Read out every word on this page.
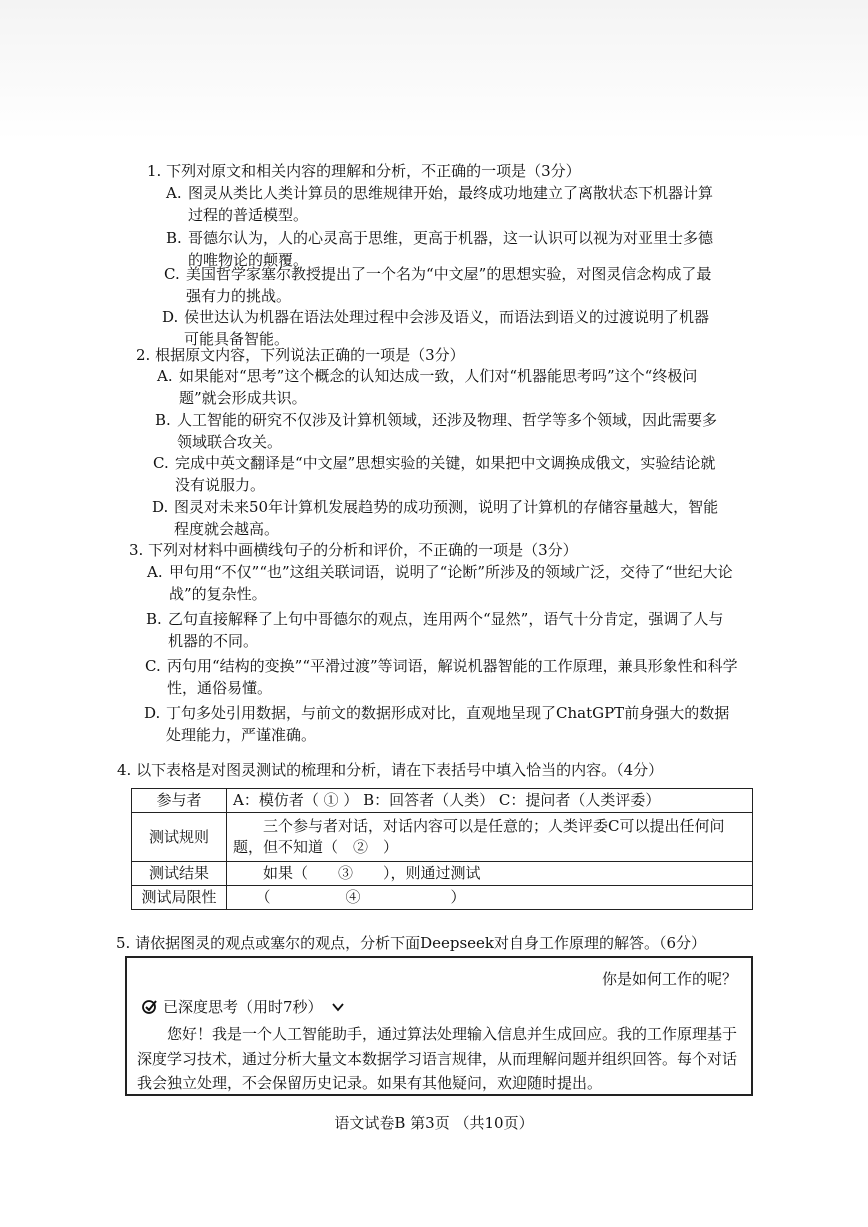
1. 下列对原文和相关内容的理解和分析，不正确的一项是（3分）
A. 图灵从类比人类计算员的思维规律开始，最终成功地建立了离散状态下机器计算过程的普适模型。
B. 哥德尔认为，人的心灵高于思维，更高于机器，这一认识可以视为对亚里士多德的唯物论的颠覆。
C. 美国哲学家塞尔教授提出了一个名为“中文屋”的思想实验，对图灵信念构成了最强有力的挑战。
D. 侯世达认为机器在语法处理过程中会涉及语义，而语法到语义的过渡说明了机器可能具备智能。
2. 根据原文内容，下列说法正确的一项是（3分）
A. 如果能对“思考”这个概念的认知达成一致，人们对“机器能思考吗”这个“终极问题”就会形成共识。
B. 人工智能的研究不仅涉及计算机领域，还涉及物理、哲学等多个领域，因此需要多领域联合攻关。
C. 完成中英文翻译是“中文屋”思想实验的关键，如果把中文调换成俄文，实验结论就没有说服力。
D. 图灵对未来50年计算机发展趋势的成功预测，说明了计算机的存储容量越大，智能程度就会越高。
3. 下列对材料中画横线句子的分析和评价，不正确的一项是（3分）
A. 甲句用“不仅”“也”这组关联词语，说明了“论断”所涉及的领域广泛，交待了“世纪大论战”的复杂性。
B. 乙句直接解释了上句中哥德尔的观点，连用两个“显然”，语气十分肯定，强调了人与机器的不同。
C. 丙句用“结构的变换”“平滑过渡”等词语，解说机器智能的工作原理，兼具形象性和科学性，通俗易懂。
D. 丁句多处引用数据，与前文的数据形成对比，直观地呈现了ChatGPT前身强大的数据处理能力，严谨准确。
4. 以下表格是对图灵测试的梳理和分析，请在下表括号中填入恰当的内容。（4分）
参与者	A：模仿者（ ① ） B：回答者（人类） C：提问者（人类评委）
测试规则	　　三个参与者对话，对话内容可以是任意的；人类评委C可以提出任何问题，但不知道（　②　）
测试结果	　　如果（　　③　　），则通过测试
测试局限性	　　（　　　　　④　　　　　　）
5. 请依据图灵的观点或塞尔的观点，分析下面Deepseek对自身工作原理的解答。（6分）
你是如何工作的呢？
已深度思考（用时7秒）
您好！我是一个人工智能助手，通过算法处理输入信息并生成回应。我的工作原理基于深度学习技术，通过分析大量文本数据学习语言规律，从而理解问题并组织回答。每个对话我会独立处理，不会保留历史记录。如果有其他疑问，欢迎随时提出。
语文试卷B 第3页 （共10页）
